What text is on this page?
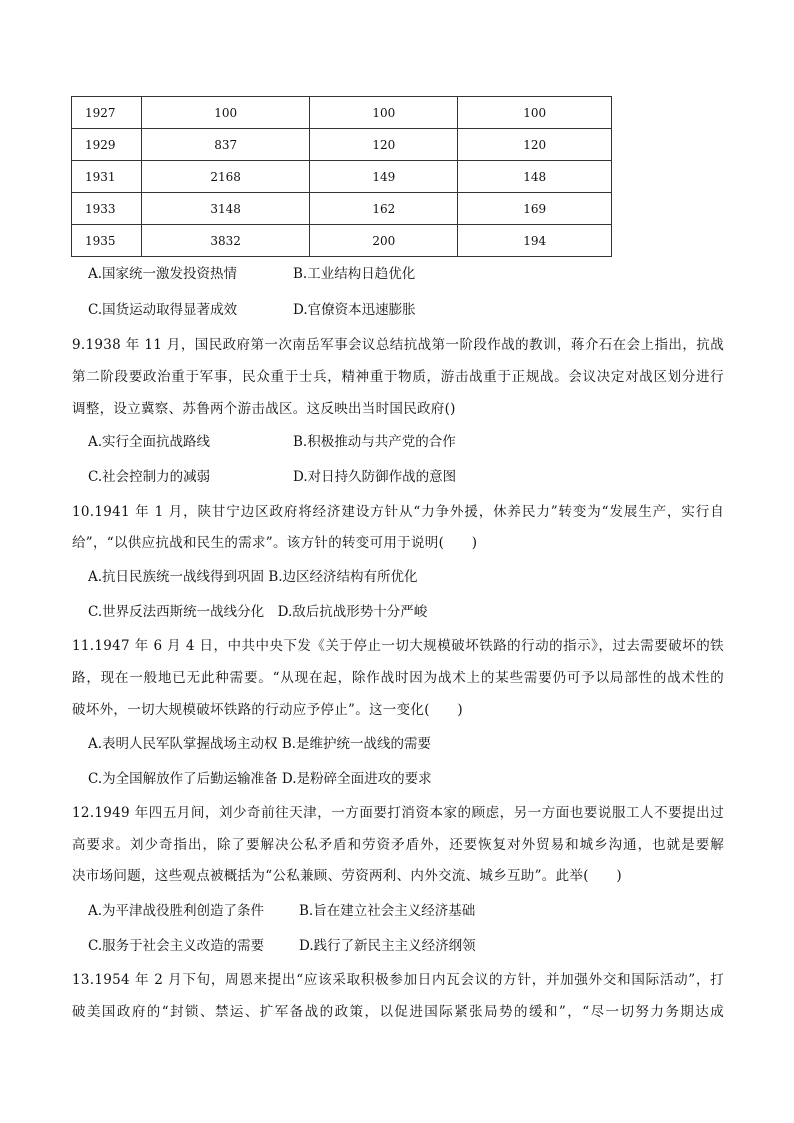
1927	100	100	100
1929	837	120	120
1931	2168	149	148
1933	3148	162	169
1935	3832	200	194
A.国家统一激发投资热情	B.工业结构日趋优化
C.国货运动取得显著成效	D.官僚资本迅速膨胀
9.1938 年 11 月，国民政府第一次南岳军事会议总结抗战第一阶段作战的教训，蒋介石在会上指出，抗战
第二阶段要政治重于军事，民众重于士兵，精神重于物质，游击战重于正规战。会议决定对战区划分进行
调整，设立冀察、苏鲁两个游击战区。这反映出当时国民政府()
A.实行全面抗战路线	B.积极推动与共产党的合作
C.社会控制力的减弱	D.对日持久防御作战的意图
10.1941 年 1 月，陕甘宁边区政府将经济建设方针从“力争外援，休养民力”转变为“发展生产，实行自
给”，“以供应抗战和民生的需求”。该方针的转变可用于说明(　　)
A.抗日民族统一战线得到巩固 B.边区经济结构有所优化
C.世界反法西斯统一战线分化　D.敌后抗战形势十分严峻
11.1947 年 6 月 4 日，中共中央下发《关于停止一切大规模破坏铁路的行动的指示》，过去需要破坏的铁
路，现在一般地已无此种需要。“从现在起，除作战时因为战术上的某些需要仍可予以局部性的战术性的
破坏外，一切大规模破坏铁路的行动应予停止”。这一变化(　　)
A.表明人民军队掌握战场主动权 B.是维护统一战线的需要
C.为全国解放作了后勤运输准备 D.是粉碎全面进攻的要求
12.1949 年四五月间，刘少奇前往天津，一方面要打消资本家的顾虑，另一方面也要说服工人不要提出过
高要求。刘少奇指出，除了要解决公私矛盾和劳资矛盾外，还要恢复对外贸易和城乡沟通，也就是要解
决市场问题，这些观点被概括为“公私兼顾、劳资两利、内外交流、城乡互助”。此举(　　)
A.为平津战役胜利创造了条件	B.旨在建立社会主义经济基础
C.服务于社会主义改造的需要	D.践行了新民主主义经济纲领
13.1954 年 2 月下旬，周恩来提出“应该采取积极参加日内瓦会议的方针，并加强外交和国际活动”，打
破美国政府的“封锁、禁运、扩军备战的政策，以促进国际紧张局势的缓和”，“尽一切努力务期达成
